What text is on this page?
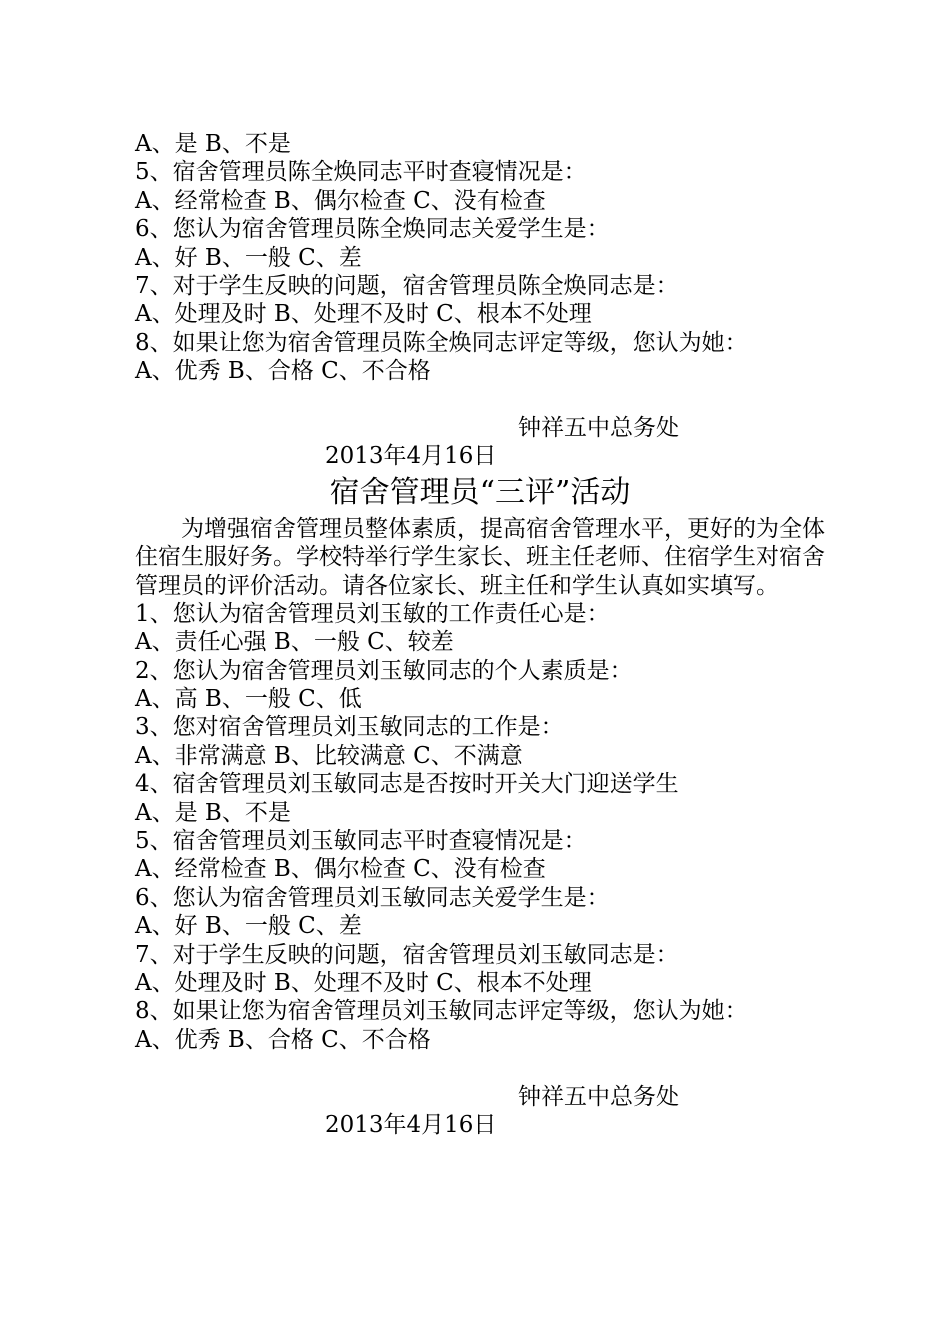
A、是 B、不是
5、宿舍管理员陈全焕同志平时查寝情况是：
A、经常检查 B、偶尔检查 C、没有检查
6、您认为宿舍管理员陈全焕同志关爱学生是：
A、好 B、一般 C、差
7、对于学生反映的问题，宿舍管理员陈全焕同志是：
A、处理及时 B、处理不及时 C、根本不处理
8、如果让您为宿舍管理员陈全焕同志评定等级，您认为她：
A、优秀 B、合格 C、不合格
钟祥五中总务处
2013年4月16日
宿舍管理员“三评”活动
为增强宿舍管理员整体素质，提高宿舍管理水平，更好的为全体住宿生服好务。学校特举行学生家长、班主任老师、住宿学生对宿舍管理员的评价活动。请各位家长、班主任和学生认真如实填写。
1、您认为宿舍管理员刘玉敏的工作责任心是：
A、责任心强 B、一般 C、较差
2、您认为宿舍管理员刘玉敏同志的个人素质是：
A、高 B、一般 C、低
3、您对宿舍管理员刘玉敏同志的工作是：
A、非常满意 B、比较满意 C、不满意
4、宿舍管理员刘玉敏同志是否按时开关大门迎送学生
A、是 B、不是
5、宿舍管理员刘玉敏同志平时查寝情况是：
A、经常检查 B、偶尔检查 C、没有检查
6、您认为宿舍管理员刘玉敏同志关爱学生是：
A、好 B、一般 C、差
7、对于学生反映的问题，宿舍管理员刘玉敏同志是：
A、处理及时 B、处理不及时 C、根本不处理
8、如果让您为宿舍管理员刘玉敏同志评定等级，您认为她：
A、优秀 B、合格 C、不合格
钟祥五中总务处
2013年4月16日
